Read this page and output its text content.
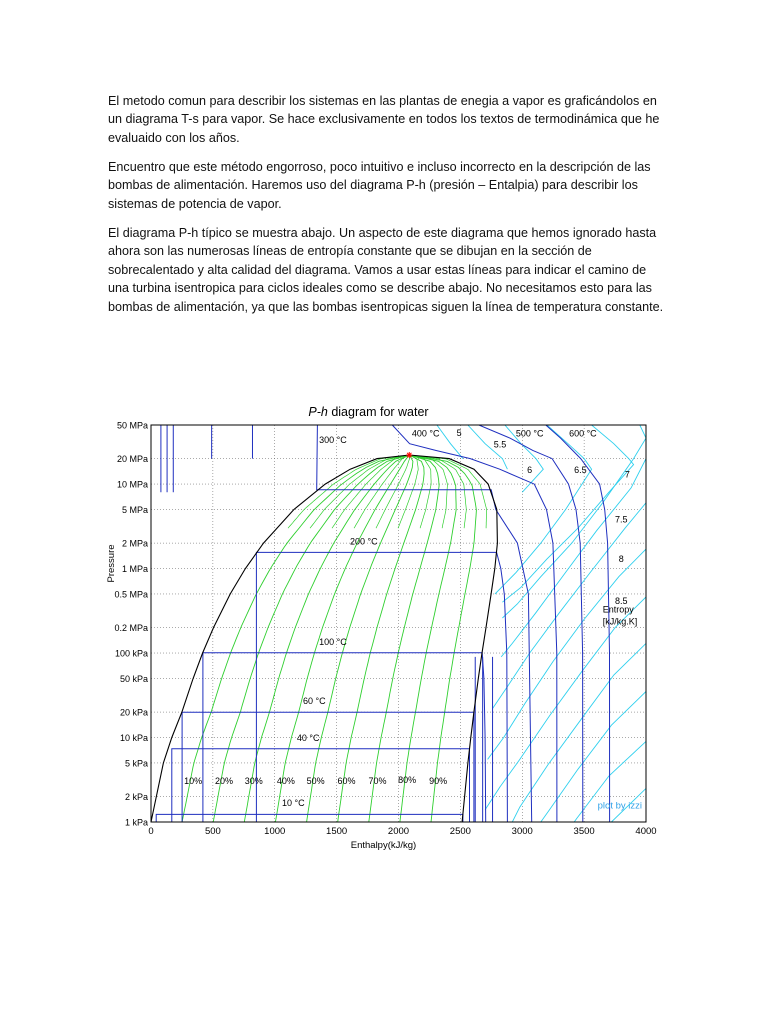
El metodo comun para describir los sistemas en las plantas de enegia a vapor es graficándolos en un diagrama T-s para vapor. Se hace exclusivamente en todos los textos de termodinámica que he evaluaido con los años.

Encuentro que este método engorroso, poco intuitivo e incluso incorrecto en la descripción de las bombas de alimentación. Haremos uso del diagrama P-h (presión – Entalpia) para describir los sistemas de potencia de vapor.

El diagrama P-h típico se muestra abajo. Un aspecto de este diagrama que hemos ignorado hasta ahora son las numerosas líneas de entropía constante que se dibujan en la sección de sobrecalentado y alta calidad del diagrama. Vamos a usar estas líneas para indicar el camino de una turbina isentropica para ciclos ideales como se describe abajo. No necesitamos esto para las bombas de alimentación, ya que las bombas isentropicas siguen la línea de temperatura constante.

0	500	1000	1500	2000	2500	3000	3500	4000
50 MPa
20 MPa
10 MPa
5 MPa
2 MPa
1 MPa
0.5 MPa
0.2 MPa
100 kPa
50 kPa
20 kPa
10 kPa
5 kPa
2 kPa
1 kPa
10 °C
40 °C
60 °C
100 °C
200 °C
300 °C
400 °C	500 °C	600 °C
10% 20% 30% 40% 50% 60% 70% 80% 90%
5
5.5
6	6.5	7
7.5
8
8.5
P-h diagram for water
Enthalpy(kJ/kg)
Pressure
Entropy
[kJ/kg.K]
plot by izzi
